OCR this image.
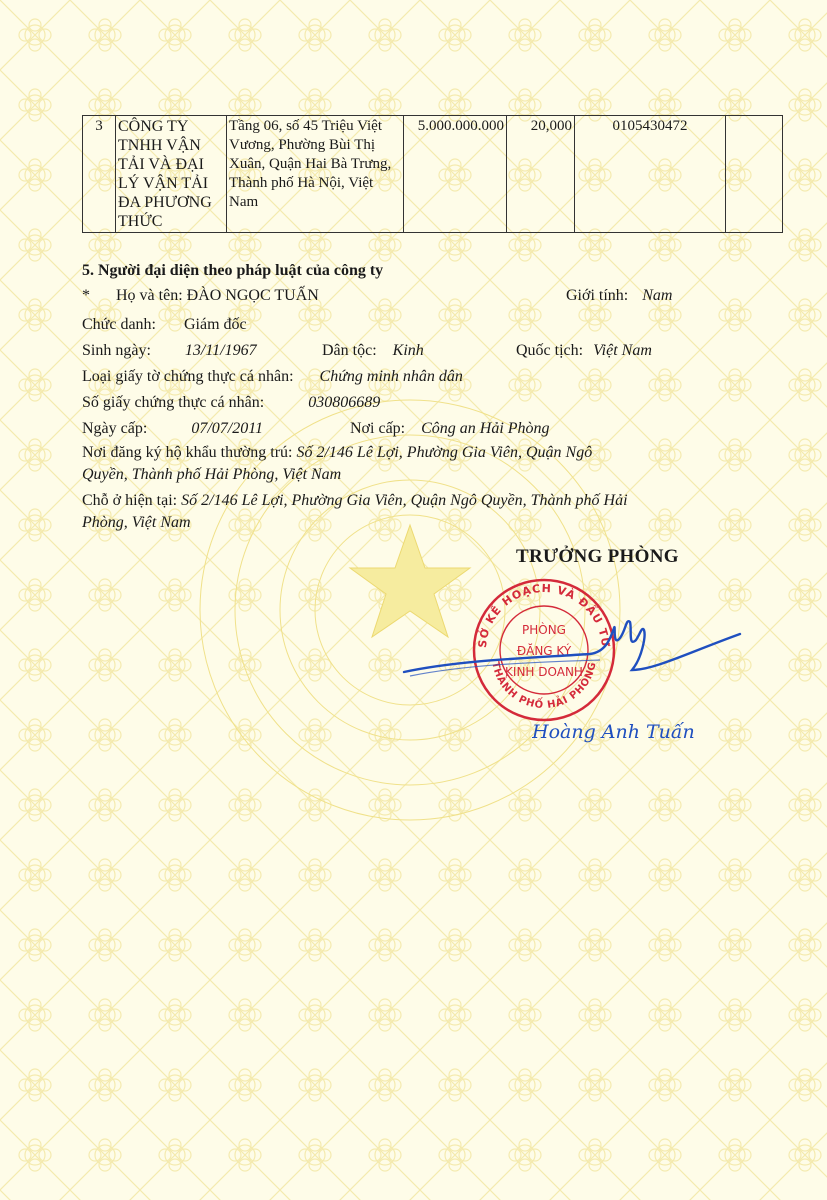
3	CÔNG TY TNHH VẬN TẢI VÀ ĐẠI LÝ VẬN TẢI ĐA PHƯƠNG THỨC	Tầng 06, số 45 Triệu Việt Vương, Phường Bùi Thị Xuân, Quận Hai Bà Trưng, Thành phố Hà Nội, Việt Nam	5.000.000.000	20,000	0105430472	
5. Người đại diện theo pháp luật của công ty
* Họ và tên: ĐÀO NGỌC TUẤN	Giới tính: Nam
Chức danh: Giám đốc
Sinh ngày: 13/11/1967	Dân tộc: Kinh	Quốc tịch: Việt Nam
Loại giấy tờ chứng thực cá nhân: Chứng minh nhân dân
Số giấy chứng thực cá nhân:	030806689
Ngày cấp:	07/07/2011	Nơi cấp: Công an Hải Phòng
Nơi đăng ký hộ khẩu thường trú: Số 2/146 Lê Lợi, Phường Gia Viên, Quận Ngô
Quyền, Thành phố Hải Phòng, Việt Nam
Chỗ ở hiện tại: Số 2/146 Lê Lợi, Phường Gia Viên, Quận Ngô Quyền, Thành phố Hải
Phòng, Việt Nam
TRƯỞNG PHÒNG
SỞ KẾ HOẠCH VÀ ĐẦU TƯ
THÀNH PHỐ HẢI PHÒNG
PHÒNG
ĐĂNG KÝ
KINH DOANH
Hoàng Anh Tuấn
